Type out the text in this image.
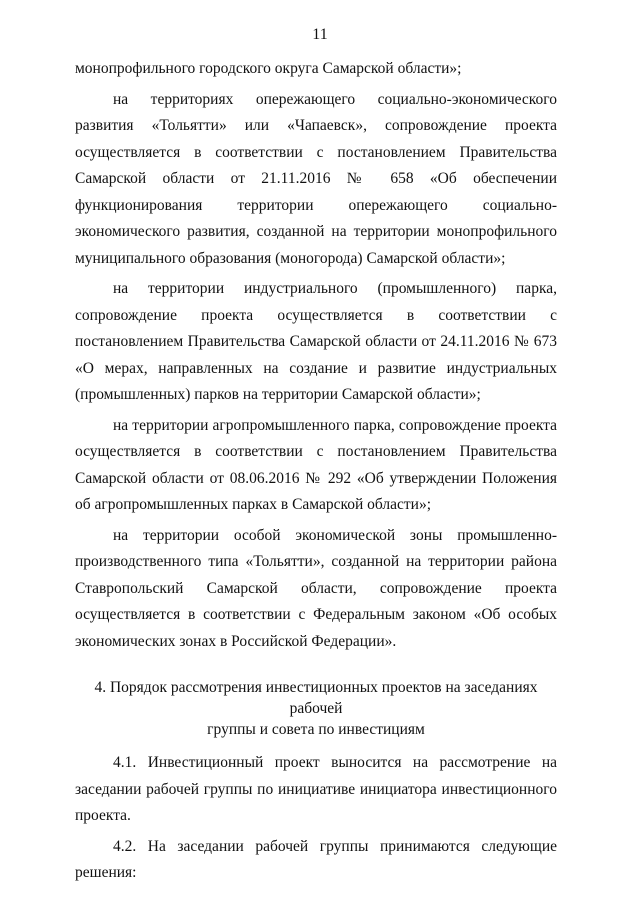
11

монопрофильного городского округа Самарской области»;

на территориях опережающего социально-экономического развития «Тольятти» или «Чапаевск», сопровождение проекта осуществляется в соответствии с постановлением Правительства Самарской области от 21.11.2016 № 658 «Об обеспечении функционирования территории опережающего социально-экономического развития, созданной на территории монопрофильного муниципального образования (моногорода) Самарской области»;

на территории индустриального (промышленного) парка, сопровождение проекта осуществляется в соответствии с постановлением Правительства Самарской области от 24.11.2016 № 673 «О мерах, направленных на создание и развитие индустриальных (промышленных) парков на территории Самарской области»;

на территории агропромышленного парка, сопровождение проекта осуществляется в соответствии с постановлением Правительства Самарской области от 08.06.2016 № 292 «Об утверждении Положения об агропромышленных парках в Самарской области»;

на территории особой экономической зоны промышленно-производственного типа «Тольятти», созданной на территории района Ставропольский Самарской области, сопровождение проекта осуществляется в соответствии с Федеральным законом «Об особых экономических зонах в Российской Федерации».

4. Порядок рассмотрения инвестиционных проектов на заседаниях рабочей
группы и совета по инвестициям

4.1. Инвестиционный проект выносится на рассмотрение на заседании рабочей группы по инициативе инициатора инвестиционного проекта.

4.2. На заседании рабочей группы принимаются следующие решения:
